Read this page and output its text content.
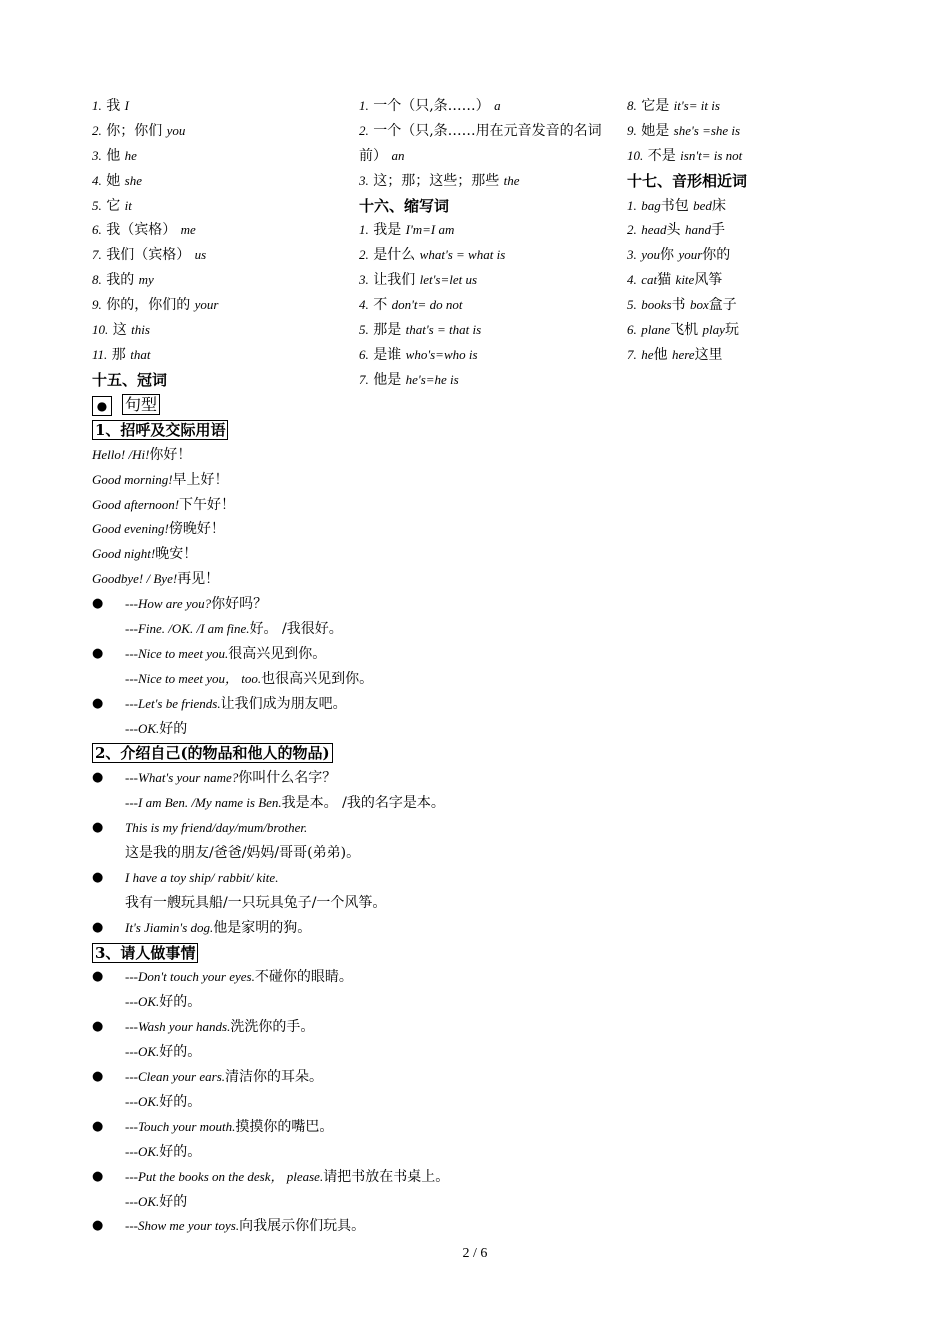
1. 我 I
2. 你；你们 you
3. 他 he
4. 她 she
5. 它 it
6. 我（宾格） me
7. 我们（宾格） us
8. 我的 my
9. 你的，你们的 your
10. 这 this
11. 那 that
十五、冠词
1. 一个（只,条……） a
2. 一个（只,条……用在元音发音的名词前） an
3. 这；那；这些；那些 the
十六、缩写词
1. 我是 I'm=I am
2. 是什么 what's = what is
3. 让我们 let's=let us
4. 不 don't= do not
5. 那是 that's = that is
6. 是谁 who's=who is
7. 他是 he's=he is
8. 它是 it's= it is
9. 她是 she's =she is
10. 不是 isn't= is not
十七、音形相近词
1. bag书包 bed床
2. head头 hand手
3. you你 your你的
4. cat猫 kite风筝
5. books书 box盒子
6. plane飞机 play玩
7. he他 here这里
● 句型
1、招呼及交际用语
Hello! /Hi!你好！
Good morning!早上好！
Good afternoon!下午好！
Good evening!傍晚好！
Good night!晚安！
Goodbye! / Bye!再见！
● ---How are you?你好吗？
---Fine. /OK. /I am fine.好。 /我很好。
● ---Nice to meet you.很高兴见到你。
---Nice to meet you， too.也很高兴见到你。
● ---Let's be friends.让我们成为朋友吧。
---OK.好的
2、介绍自己(的物品和他人的物品)
● ---What's your name?你叫什么名字？
---I am Ben. /My name is Ben.我是本。 /我的名字是本。
● This is my friend/day/mum/brother.
这是我的朋友/爸爸/妈妈/哥哥(弟弟)。
● I have a toy ship/ rabbit/ kite.
我有一艘玩具船/一只玩具兔子/一个风筝。
● It's Jiamin's dog.他是家明的狗。
3、请人做事情
● ---Don't touch your eyes.不碰你的眼睛。
---OK.好的。
● ---Wash your hands.洗洗你的手。
---OK.好的。
● ---Clean your ears.清洁你的耳朵。
---OK.好的。
● ---Touch your mouth.摸摸你的嘴巴。
---OK.好的。
● ---Put the books on the desk， please.请把书放在书桌上。
---OK.好的
● ---Show me your toys.向我展示你们玩具。
2 / 6
